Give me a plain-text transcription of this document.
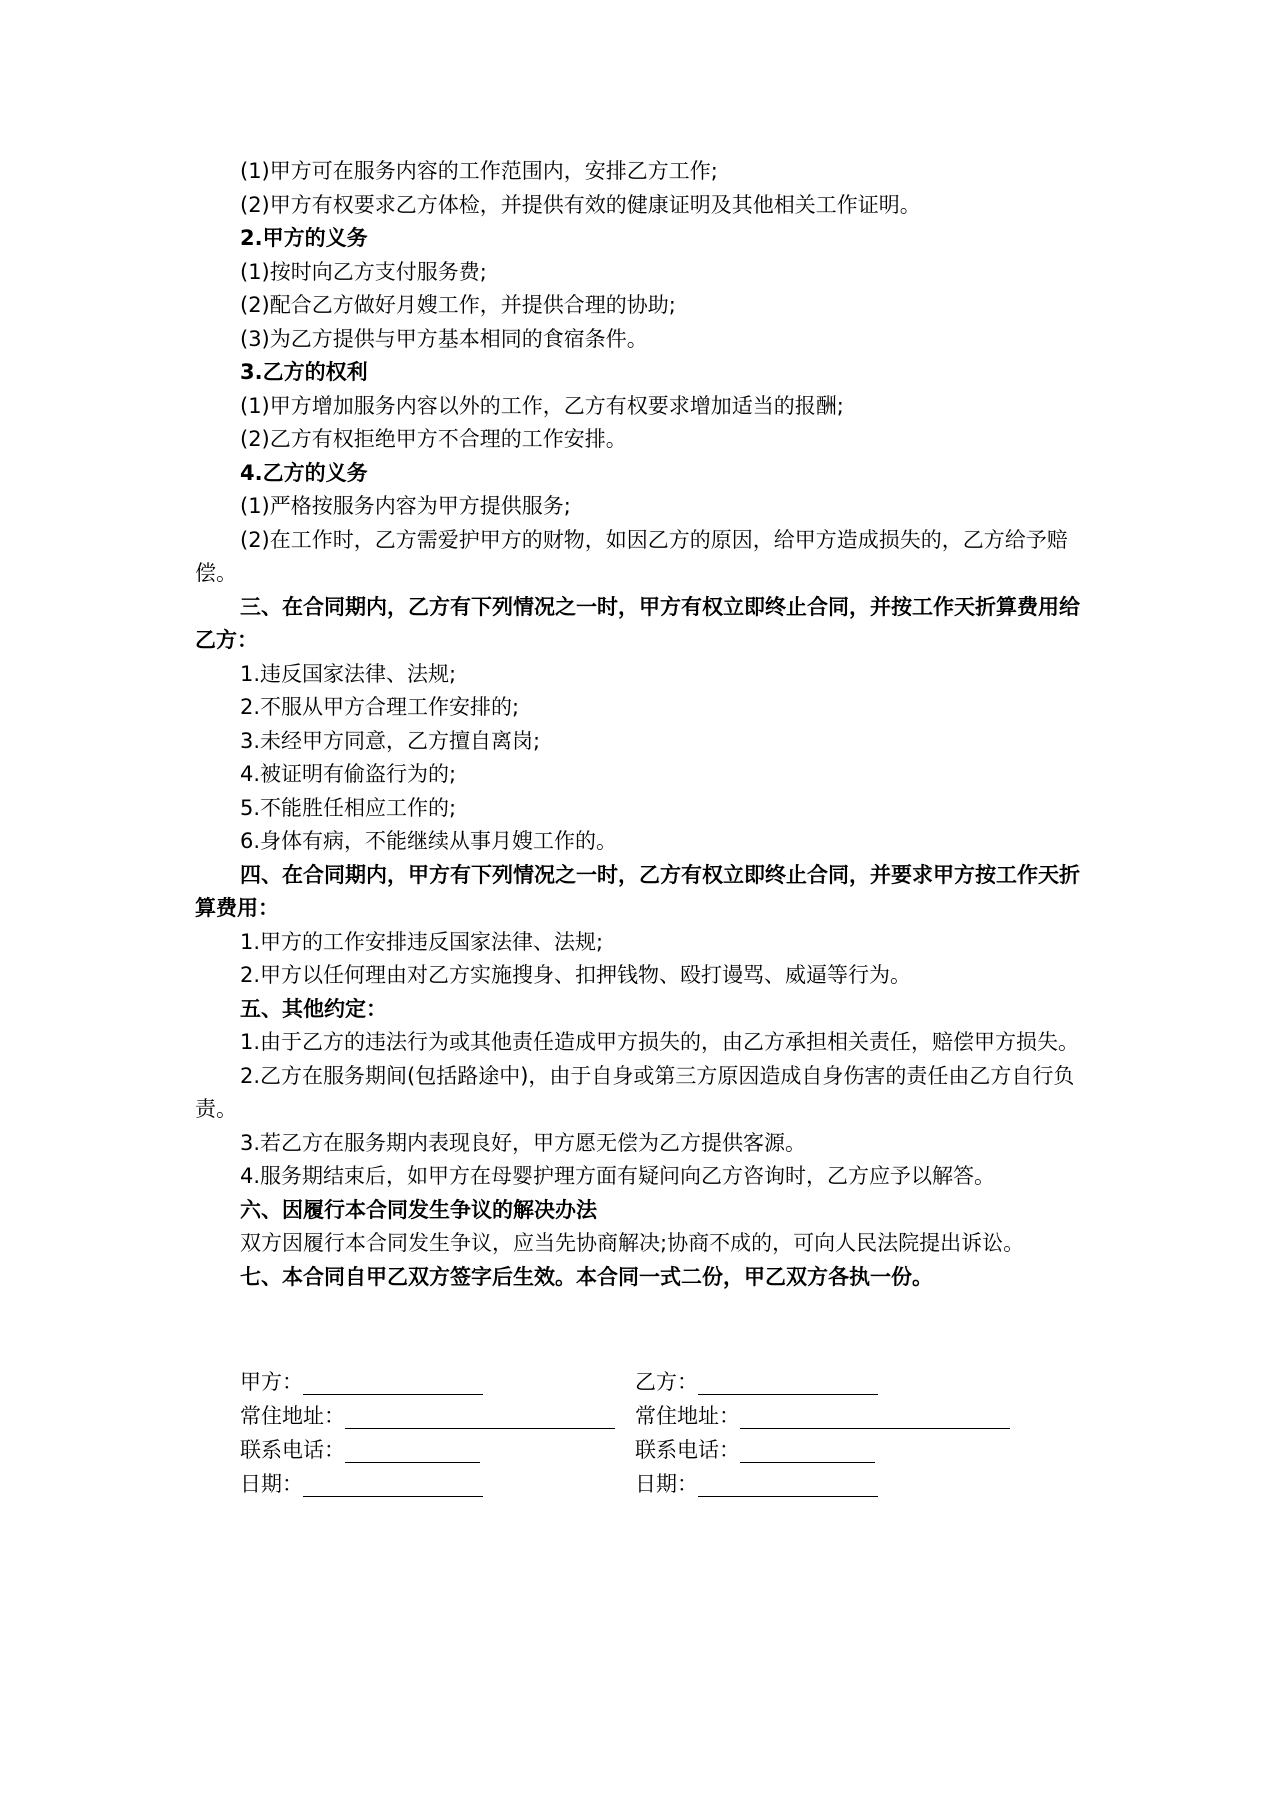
(1)甲方可在服务内容的工作范围内，安排乙方工作;

(2)甲方有权要求乙方体检，并提供有效的健康证明及其他相关工作证明。

2.甲方的义务

(1)按时向乙方支付服务费;

(2)配合乙方做好月嫂工作，并提供合理的协助;

(3)为乙方提供与甲方基本相同的食宿条件。

3.乙方的权利

(1)甲方增加服务内容以外的工作，乙方有权要求增加适当的报酬;

(2)乙方有权拒绝甲方不合理的工作安排。

4.乙方的义务

(1)严格按服务内容为甲方提供服务;

(2)在工作时，乙方需爱护甲方的财物，如因乙方的原因，给甲方造成损失的，乙方给予赔偿。

三、在合同期内，乙方有下列情况之一时，甲方有权立即终止合同，并按工作天折算费用给乙方：

1.违反国家法律、法规;

2.不服从甲方合理工作安排的;

3.未经甲方同意，乙方擅自离岗;

4.被证明有偷盗行为的;

5.不能胜任相应工作的;

6.身体有病，不能继续从事月嫂工作的。

四、在合同期内，甲方有下列情况之一时，乙方有权立即终止合同，并要求甲方按工作天折算费用：

1.甲方的工作安排违反国家法律、法规;

2.甲方以任何理由对乙方实施搜身、扣押钱物、殴打谩骂、威逼等行为。

五、其他约定：

1.由于乙方的违法行为或其他责任造成甲方损失的，由乙方承担相关责任，赔偿甲方损失。

2.乙方在服务期间(包括路途中)，由于自身或第三方原因造成自身伤害的责任由乙方自行负责。

3.若乙方在服务期内表现良好，甲方愿无偿为乙方提供客源。

4.服务期结束后，如甲方在母婴护理方面有疑问向乙方咨询时，乙方应予以解答。

六、因履行本合同发生争议的解决办法

双方因履行本合同发生争议，应当先协商解决;协商不成的，可向人民法院提出诉讼。

七、本合同自甲乙双方签字后生效。本合同一式二份，甲乙双方各执一份。

甲方：	乙方：
常住地址：	常住地址：
联系电话：	联系电话：
日期：	日期：
